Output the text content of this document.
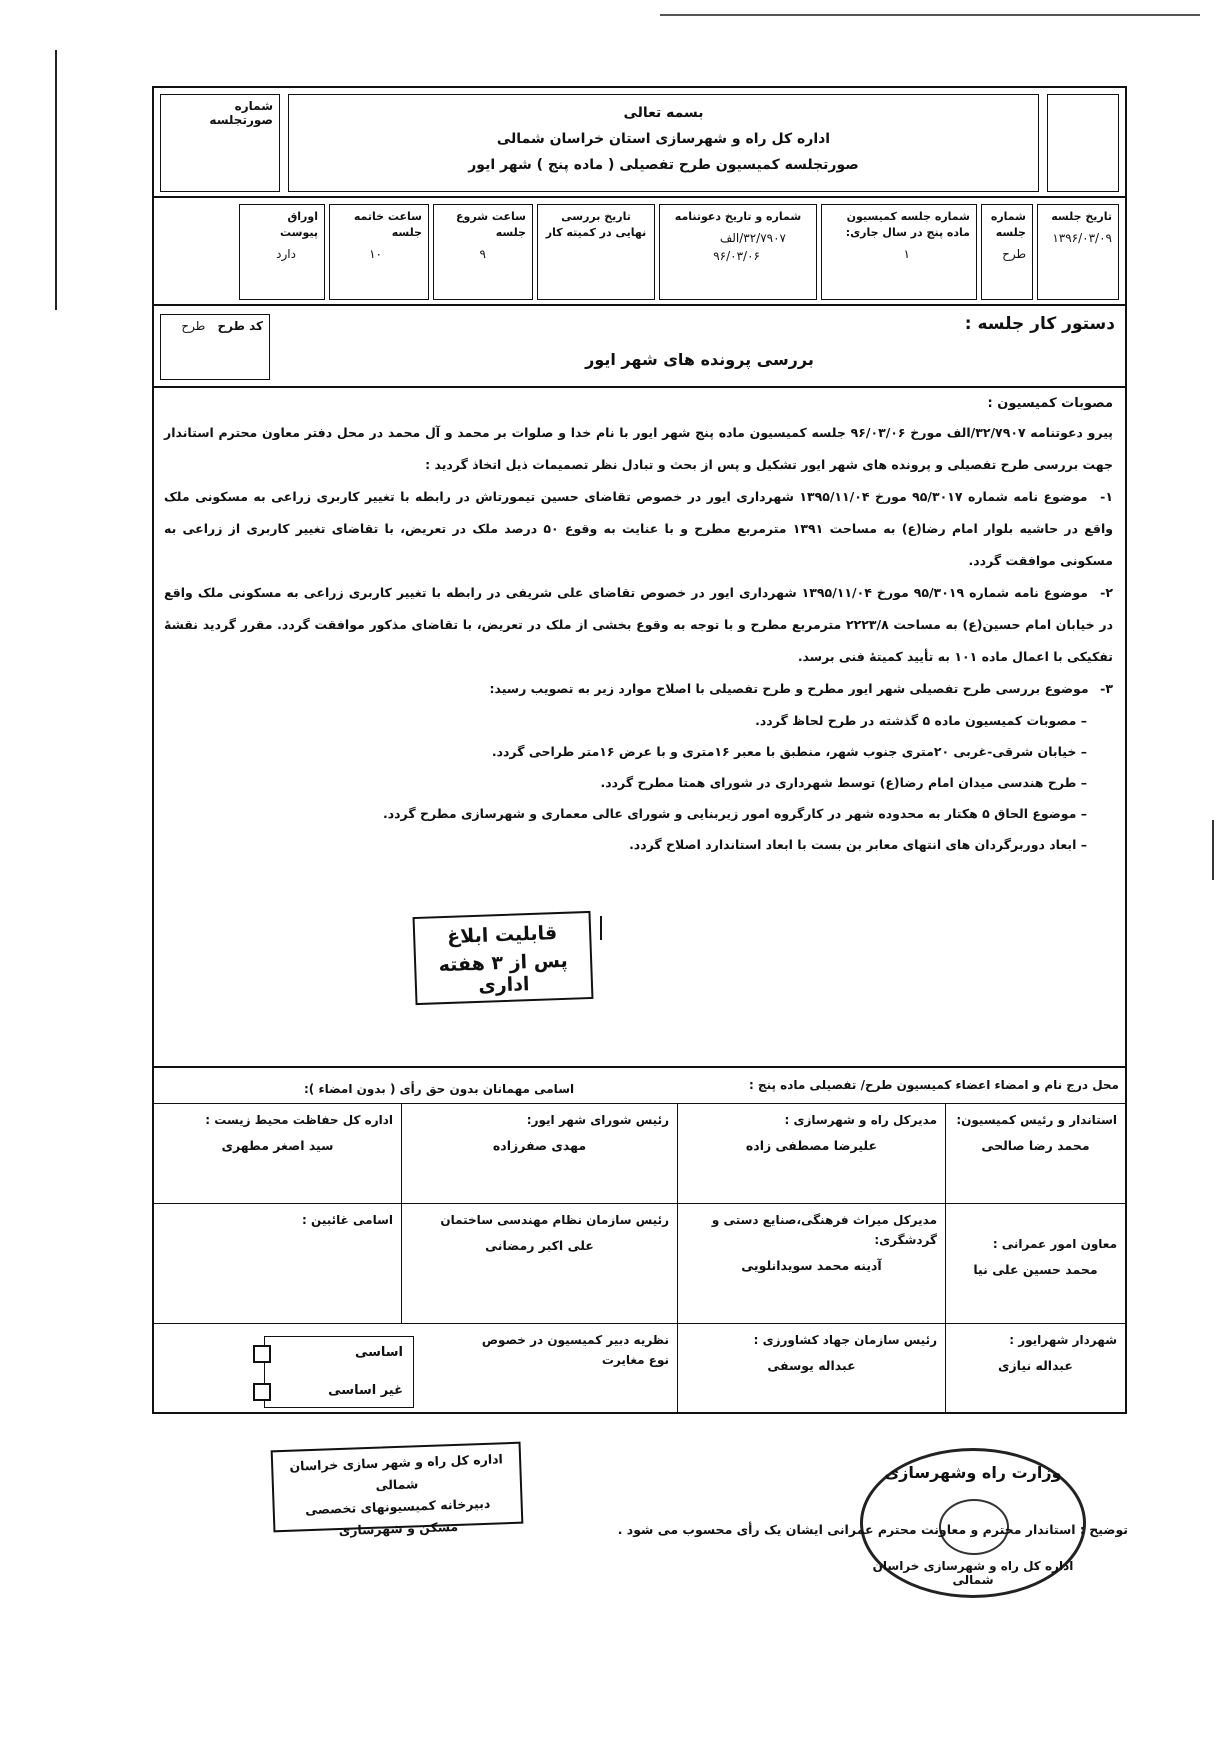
بسمه تعالی
اداره کل راه و شهرسازی استان خراسان شمالی
صورتجلسه کمیسیون طرح تفصیلی ( ماده پنج ) شهر ایور
شماره صورتجلسه
تاریخ جلسه
۱۳۹۶/۰۳/۰۹
شماره جلسه
طرح
شماره جلسه کمیسیون ماده پنج در سال جاری:
۱
شماره و تاریخ دعوتنامه
۳۲/۷۹۰۷/الف
۹۶/۰۳/۰۶
تاریخ بررسی نهایی در کمیته کار
ساعت شروع جلسه
۹
ساعت خاتمه جلسه
۱۰
اوراق پیوست
دارد
دستور کار جلسه :
بررسی پرونده های شهر ایور
کد طرح طرح
مصوبات کمیسیون :

پیرو دعوتنامه ۳۲/۷۹۰۷/الف مورخ ۹۶/۰۳/۰۶ جلسه کمیسیون ماده پنج شهر ایور با نام خدا و صلوات بر محمد و آل محمد در محل دفتر معاون محترم استاندار جهت بررسی طرح تفصیلی و پرونده های شهر ایور تشکیل و پس از بحث و تبادل نظر تصمیمات ذیل اتخاذ گردید :

۱- موضوع نامه شماره ۹۵/۳۰۱۷ مورخ ۱۳۹۵/۱۱/۰۴ شهرداری ایور در خصوص تقاضای حسین تیمورتاش در رابطه با تغییر کاربری زراعی به مسکونی ملک واقع در حاشیه بلوار امام رضا(ع) به مساحت ۱۳۹۱ مترمربع مطرح و با عنایت به وقوع ۵۰ درصد ملک در تعریض، با تقاضای تغییر کاربری از زراعی به مسکونی موافقت گردد.

۲- موضوع نامه شماره ۹۵/۳۰۱۹ مورخ ۱۳۹۵/۱۱/۰۴ شهرداری ایور در خصوص تقاضای علی شریفی در رابطه با تغییر کاربری زراعی به مسکونی ملک واقع در خیابان امام حسین(ع) به مساحت ۲۲۲۳/۸ مترمربع مطرح و با توجه به وقوع بخشی از ملک در تعریض، با تقاضای مذکور موافقت گردد. مقرر گردید نقشهٔ تفکیکی با اعمال ماده ۱۰۱ به تأیید کمیتهٔ فنی برسد.

۳- موضوع بررسی طرح تفصیلی شهر ایور مطرح و طرح تفصیلی با اصلاح موارد زیر به تصویب رسید:

– مصوبات کمیسیون ماده ۵ گذشته در طرح لحاظ گردد.
– خیابان شرقی-غربی ۲۰متری جنوب شهر، منطبق با معبر ۱۶متری و با عرض ۱۶متر طراحی گردد.
– طرح هندسی میدان امام رضا(ع) توسط شهرداری در شورای همتا مطرح گردد.
– موضوع الحاق ۵ هکتار به محدوده شهر در کارگروه امور زیربنایی و شورای عالی معماری و شهرسازی مطرح گردد.
– ابعاد دوربرگردان های انتهای معابر بن بست با ابعاد استاندارد اصلاح گردد.
قابلیت ابلاغ
پس از ۳ هفته اداری
محل درج نام و امضاء اعضاء کمیسیون طرح/ تفصیلی ماده پنج :
اسامی مهمانان بدون حق رأی ( بدون امضاء ):
استاندار و رئیس کمیسیون:
محمد رضا صالحی
مدیرکل راه و شهرسازی :
علیرضا مصطفی زاده
رئیس شورای شهر ایور:
مهدی صفرزاده
اداره کل حفاظت محیط زیست :
سید اصغر مطهری
معاون امور عمرانی :
محمد حسین علی نیا
مدیرکل میراث فرهنگی،صنایع دستی و گردشگری:
آدینه محمد سویدانلویی
رئیس سازمان نظام مهندسی ساختمان
علی اکبر رمضانی
اسامی غائبین :
شهردار شهرایور :
عبداله نیازی
رئیس سازمان جهاد کشاورزی :
عبداله یوسفی
نظریه دبیر کمیسیون در خصوص نوع مغایرت
اساسی
غیر اساسی
اداره کل راه و شهر سازی خراسان شمالی
دبیرخانه کمیسیونهای تخصصی
مسکن و شهرسازی
وزارت راه وشهرسازی
اداره کل راه و شهرسازی خراسان شمالی
توضیح : استاندار محترم و معاونت محترم عمرانی ایشان یک رأی محسوب می شود .
